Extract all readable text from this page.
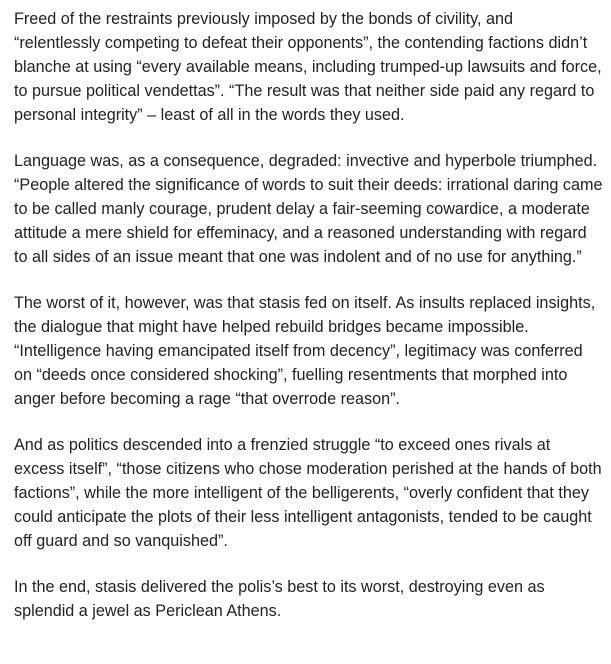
Freed of the restraints previously imposed by the bonds of civility, and “relentlessly competing to defeat their opponents”, the contending factions didn’t blanche at using “every available means, including trumped-up lawsuits and force, to pursue political vendettas”. “The result was that neither side paid any regard to personal integrity” – least of all in the words they used.

Language was, as a consequence, degraded: invective and hyperbole triumphed. “People altered the significance of words to suit their deeds: irrational daring came to be called manly courage, prudent delay a fair-seeming cowardice, a moderate attitude a mere shield for effeminacy, and a reasoned understanding with regard to all sides of an issue meant that one was indolent and of no use for anything.”

The worst of it, however, was that stasis fed on itself. As insults replaced insights, the dialogue that might have helped rebuild bridges became impossible. “Intelligence having emancipated itself from decency”, legitimacy was conferred on “deeds once considered shocking”, fuelling resentments that morphed into anger before becoming a rage “that overrode reason”.

And as politics descended into a frenzied struggle “to exceed ones rivals at excess itself”, “those citizens who chose moderation perished at the hands of both factions”, while the more intelligent of the belligerents, “overly confident that they could anticipate the plots of their less intelligent antagonists, tended to be caught off guard and so vanquished”.

In the end, stasis delivered the polis’s best to its worst, destroying even as splendid a jewel as Periclean Athens.
